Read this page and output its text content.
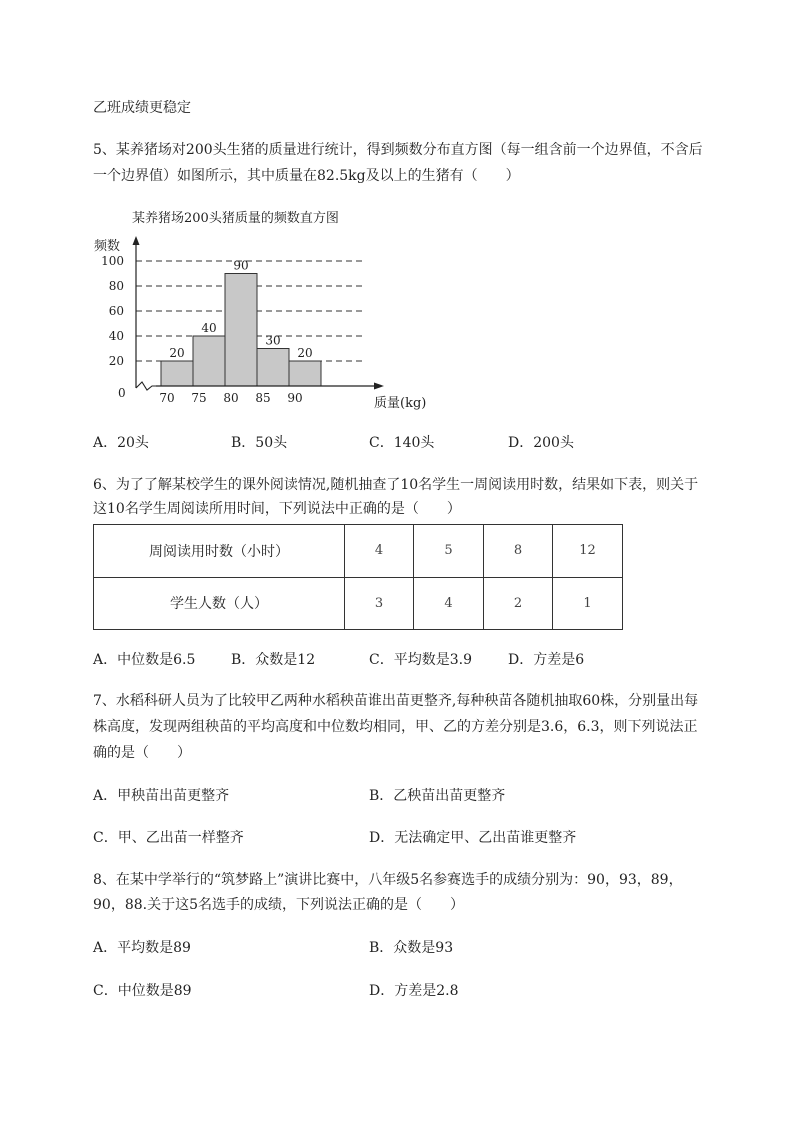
乙班成绩更稳定
5、某养猪场对200头生猪的质量进行统计，得到频数分布直方图（每一组含前一个边界值，不含后
一个边界值）如图所示，其中质量在82.5kg及以上的生猪有（　　）
某养猪场200头猪质量的频数直方图
频数
质量(kg)
0
20
40
60
80
100
70 75 80 85 90
20
40
90
30
20
A．20头	B．50头	C．140头	D．200头
6、为了了解某校学生的课外阅读情况,随机抽查了10名学生一周阅读用时数，结果如下表，则关于
这10名学生周阅读所用时间，下列说法中正确的是（　　）
周阅读用时数（小时）	4	5	8	12
学生人数（人）	3	4	2	1
A．中位数是6.5	B．众数是12	C．平均数是3.9	D．方差是6
7、水稻科研人员为了比较甲乙两种水稻秧苗谁出苗更整齐,每种秧苗各随机抽取60株，分别量出每
株高度，发现两组秧苗的平均高度和中位数均相同，甲、乙的方差分别是3.6，6.3，则下列说法正
确的是（　　）
A．甲秧苗出苗更整齐	B．乙秧苗出苗更整齐
C．甲、乙出苗一样整齐	D．无法确定甲、乙出苗谁更整齐
8、在某中学举行的“筑梦路上”演讲比赛中，八年级5名参赛选手的成绩分别为：90，93，89，
90，88.关于这5名选手的成绩，下列说法正确的是（　　）
A．平均数是89	B．众数是93
C．中位数是89	D．方差是2.8
